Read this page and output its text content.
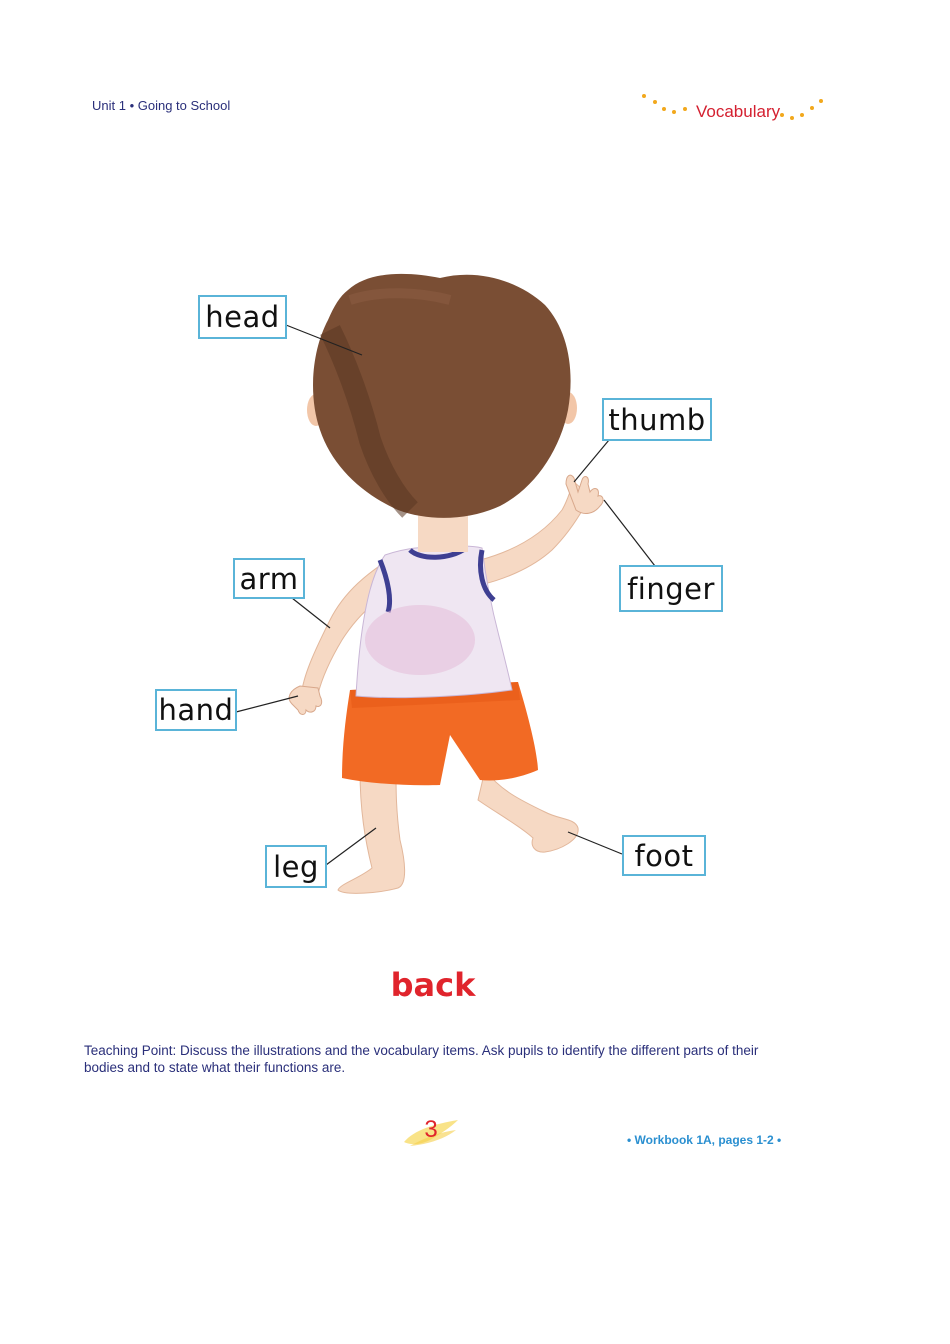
Unit 1 • Going to School	Vocabulary
head
thumb
arm	finger
hand
leg	foot
back
Teaching Point: Discuss the illustrations and the vocabulary items. Ask pupils to identify the different parts of their bodies and to state what their functions are.
3	• Workbook 1A, pages 1-2 •
